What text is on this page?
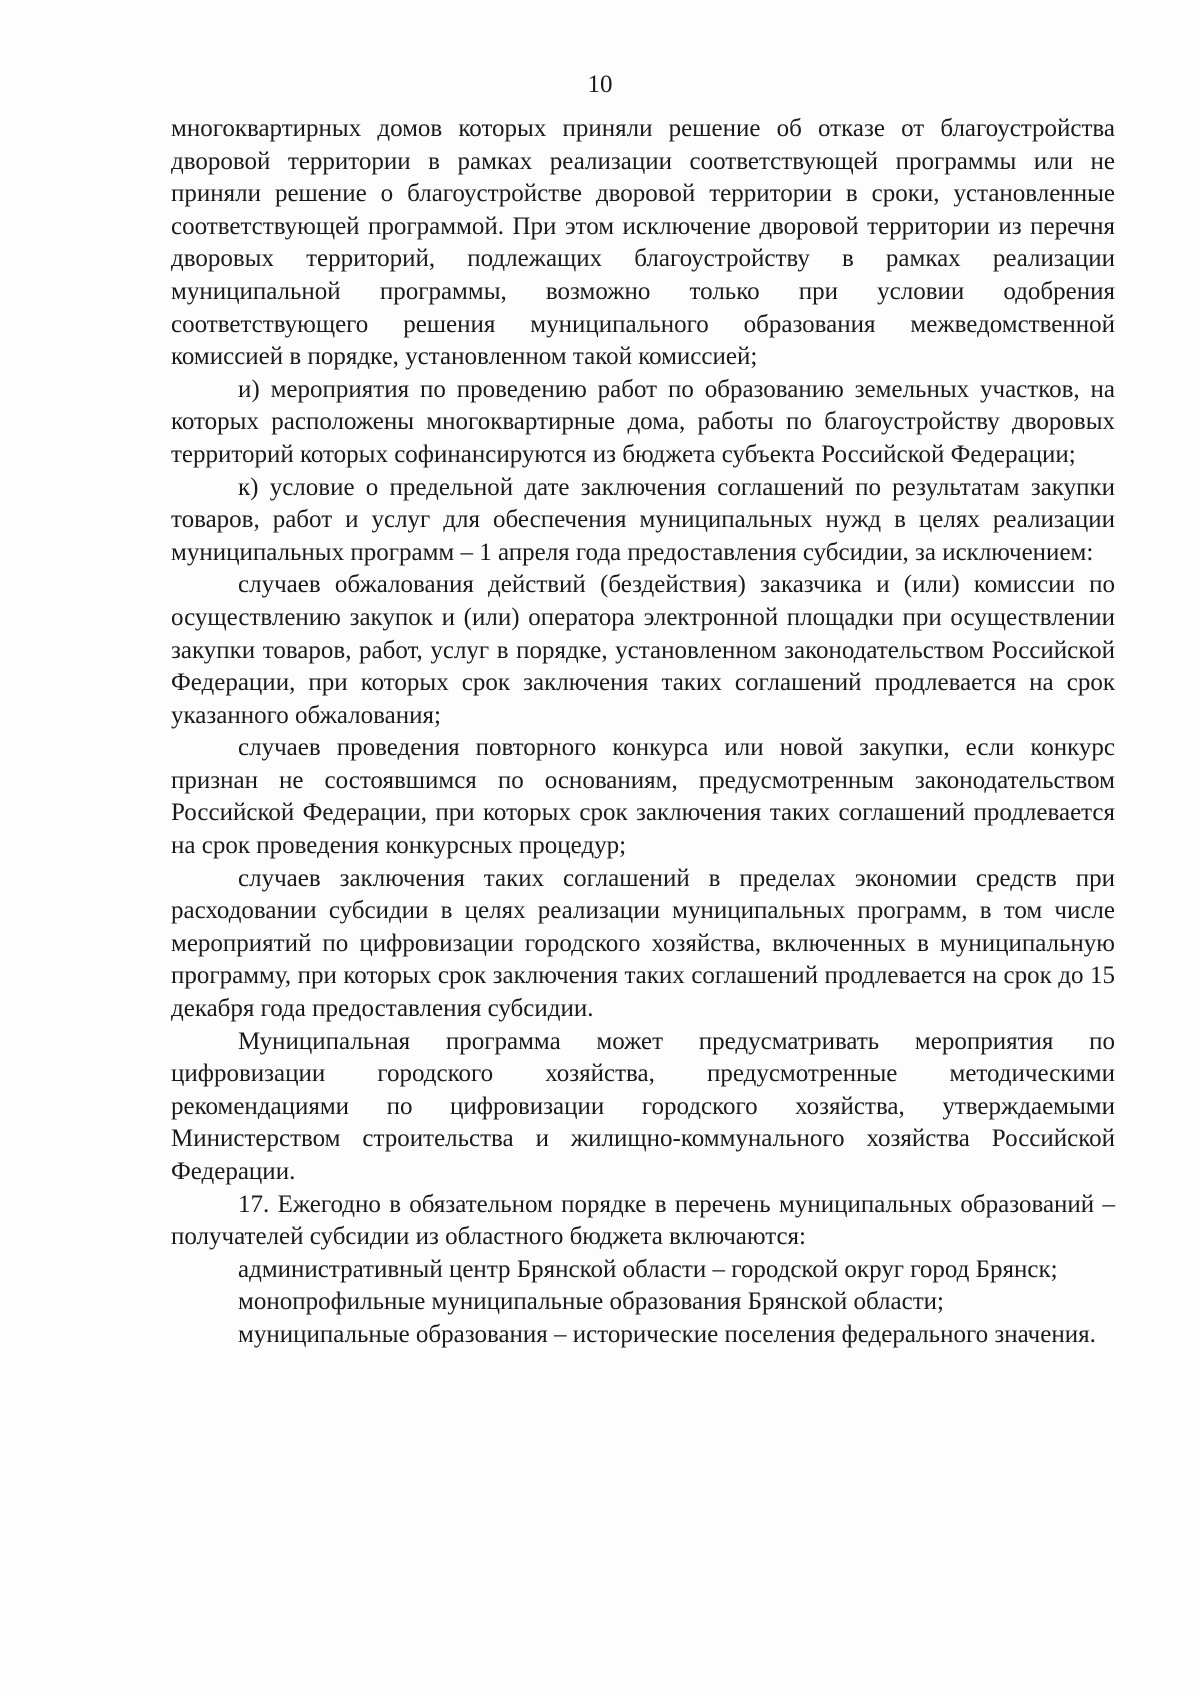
10

многоквартирных домов которых приняли решение об отказе от благоустройства дворовой территории в рамках реализации соответствующей программы или не приняли решение о благоустройстве дворовой территории в сроки, установленные соответствующей программой. При этом исключение дворовой территории из перечня дворовых территорий, подлежащих благоустройству в рамках реализации муниципальной программы, возможно только при условии одобрения соответствующего решения муниципального образования межведомственной комиссией в порядке, установленном такой комиссией;

и) мероприятия по проведению работ по образованию земельных участков, на которых расположены многоквартирные дома, работы по благоустройству дворовых территорий которых софинансируются из бюджета субъекта Российской Федерации;

к) условие о предельной дате заключения соглашений по результатам закупки товаров, работ и услуг для обеспечения муниципальных нужд в целях реализации муниципальных программ – 1 апреля года предоставления субсидии, за исключением:

случаев обжалования действий (бездействия) заказчика и (или) комиссии по осуществлению закупок и (или) оператора электронной площадки при осуществлении закупки товаров, работ, услуг в порядке, установленном законодательством Российской Федерации, при которых срок заключения таких соглашений продлевается на срок указанного обжалования;

случаев проведения повторного конкурса или новой закупки, если конкурс признан не состоявшимся по основаниям, предусмотренным законодательством Российской Федерации, при которых срок заключения таких соглашений продлевается на срок проведения конкурсных процедур;

случаев заключения таких соглашений в пределах экономии средств при расходовании субсидии в целях реализации муниципальных программ, в том числе мероприятий по цифровизации городского хозяйства, включенных в муниципальную программу, при которых срок заключения таких соглашений продлевается на срок до 15 декабря года предоставления субсидии.

Муниципальная программа может предусматривать мероприятия по цифровизации городского хозяйства, предусмотренные методическими рекомендациями по цифровизации городского хозяйства, утверждаемыми Министерством строительства и жилищно-коммунального хозяйства Российской Федерации.

17. Ежегодно в обязательном порядке в перечень муниципальных образований – получателей субсидии из областного бюджета включаются:

административный центр Брянской области – городской округ город Брянск;

монопрофильные муниципальные образования Брянской области;

муниципальные образования – исторические поселения федерального значения.
